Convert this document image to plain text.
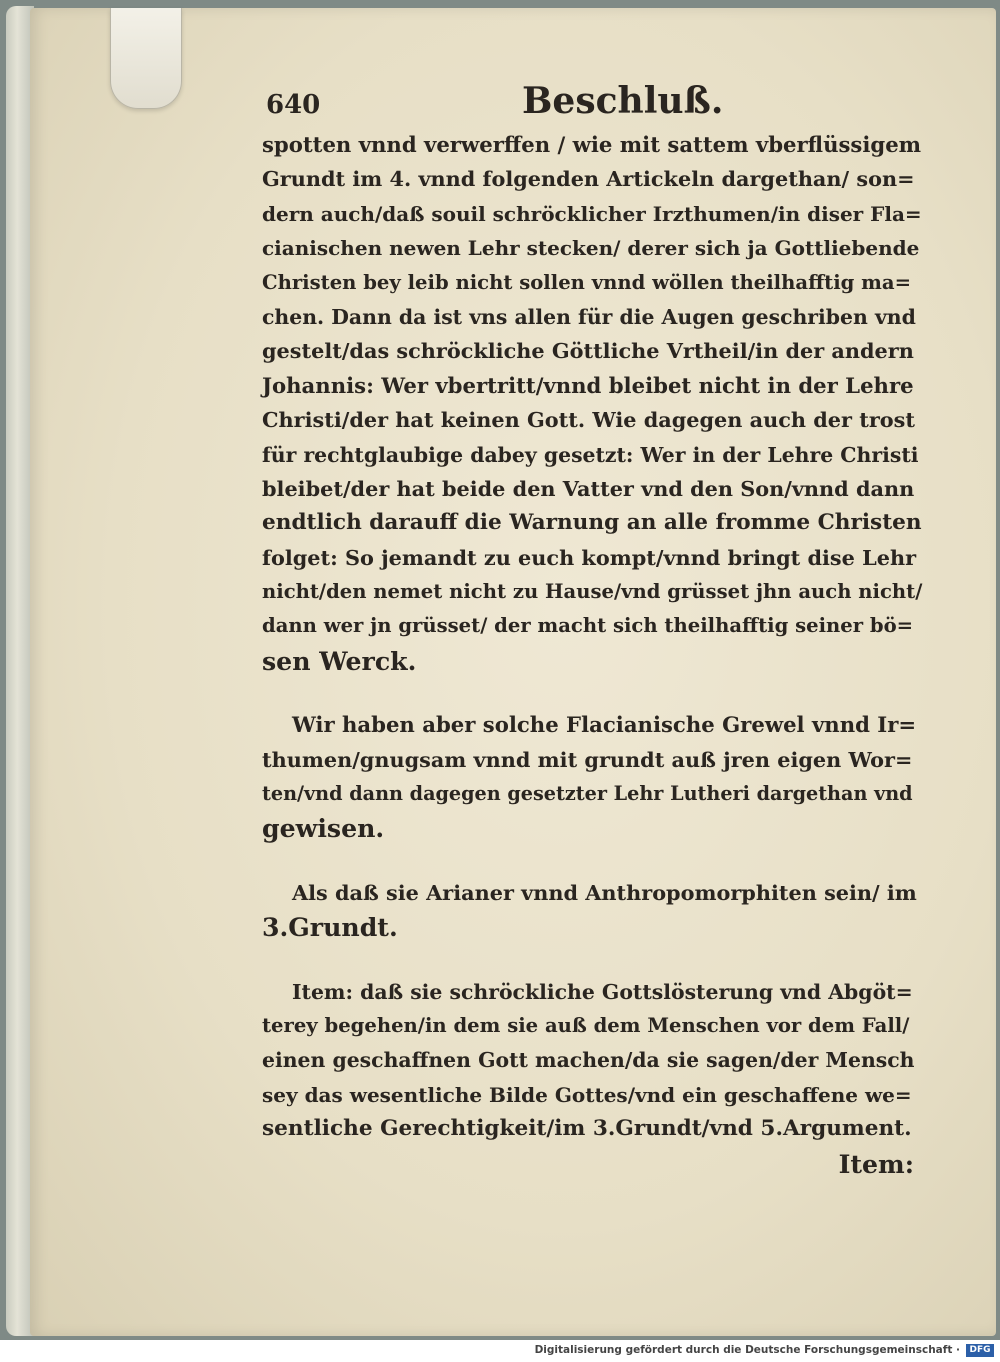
640	Beschluß.
spotten vnnd verwerffen / wie mit sattem vberflüssigem
Grundt im 4. vnnd folgenden Artickeln dargethan/ son=
dern auch/daß souil schröcklicher Irzthumen/in diser Fla=
cianischen newen Lehr stecken/ derer sich ja Gottliebende
Christen bey leib nicht sollen vnnd wöllen theilhafftig ma=
chen. Dann da ist vns allen für die Augen geschriben vnd
gestelt/das schröckliche Göttliche Vrtheil/in der andern
Johannis: Wer vbertritt/vnnd bleibet nicht in der Lehre
Christi/der hat keinen Gott. Wie dagegen auch der trost
für rechtglaubige dabey gesetzt: Wer in der Lehre Christi
bleibet/der hat beide den Vatter vnd den Son/vnnd dann
endtlich darauff die Warnung an alle fromme Christen
folget: So jemandt zu euch kompt/vnnd bringt dise Lehr
nicht/den nemet nicht zu Hause/vnd grüsset jhn auch nicht/
dann wer jn grüsset/ der macht sich theilhafftig seiner bö=
sen Werck.
Wir haben aber solche Flacianische Grewel vnnd Ir=
thumen/gnugsam vnnd mit grundt auß jren eigen Wor=
ten/vnd dann dagegen gesetzter Lehr Lutheri dargethan vnd
gewisen.
Als daß sie Arianer vnnd Anthropomorphiten sein/ im
3.Grundt.
Item: daß sie schröckliche Gottslösterung vnd Abgöt=
terey begehen/in dem sie auß dem Menschen vor dem Fall/
einen geschaffnen Gott machen/da sie sagen/der Mensch
sey das wesentliche Bilde Gottes/vnd ein geschaffene we=
sentliche Gerechtigkeit/im 3.Grundt/vnd 5.Argument.
Item:
Digitalisierung gefördert durch die Deutsche Forschungsgemeinschaft ·	DFG
